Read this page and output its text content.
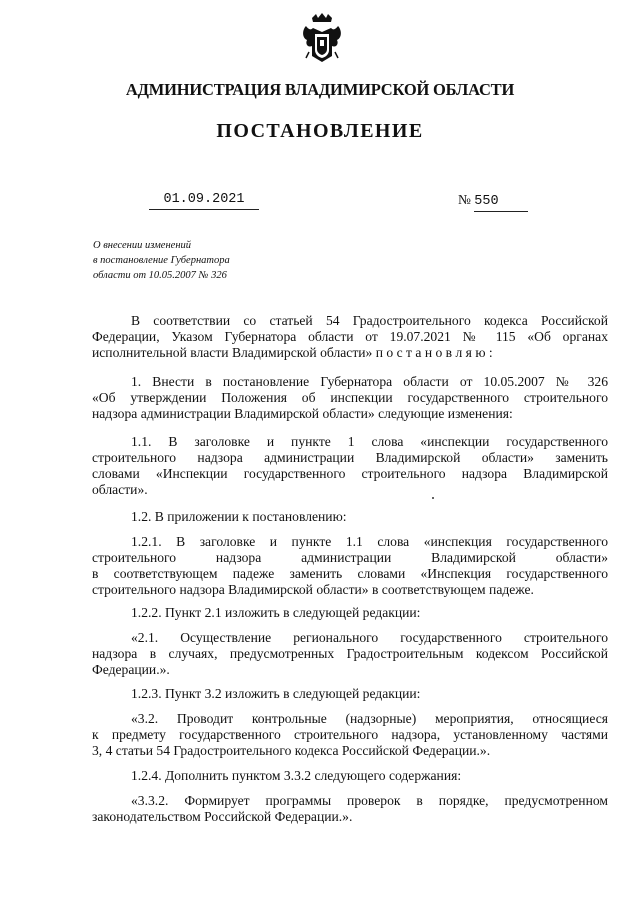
АДМИНИСТРАЦИЯ ВЛАДИМИРСКОЙ ОБЛАСТИ
ПОСТАНОВЛЕНИЕ
01.09.2021	№ 550
О внесении изменений
в постановление Губернатора
области от 10.05.2007 № 326
В соответствии со статьей 54 Градостроительного кодекса Российской
Федерации, Указом Губернатора области от 19.07.2021 № 115 «Об органах
исполнительной власти Владимирской области» п о с т а н о в л я ю :
1. Внести в постановление Губернатора области от 10.05.2007 № 326
«Об утверждении Положения об инспекции государственного строительного
надзора администрации Владимирской области» следующие изменения:
1.1. В заголовке и пункте 1 слова «инспекции государственного
строительного надзора администрации Владимирской области» заменить
словами «Инспекции государственного строительного надзора Владимирской
области».
1.2. В приложении к постановлению:
1.2.1. В заголовке и пункте 1.1 слова «инспекция государственного
строительного надзора администрации Владимирской области»
в соответствующем падеже заменить словами «Инспекция государственного
строительного надзора Владимирской области» в соответствующем падеже.
1.2.2. Пункт 2.1 изложить в следующей редакции:
«2.1. Осуществление регионального государственного строительного
надзора в случаях, предусмотренных Градостроительным кодексом Российской
Федерации.».
1.2.3. Пункт 3.2 изложить в следующей редакции:
«3.2. Проводит контрольные (надзорные) мероприятия, относящиеся
к предмету государственного строительного надзора, установленному частями
3, 4 статьи 54 Градостроительного кодекса Российской Федерации.».
1.2.4. Дополнить пунктом 3.3.2 следующего содержания:
«3.3.2. Формирует программы проверок в порядке, предусмотренном
законодательством Российской Федерации.».
